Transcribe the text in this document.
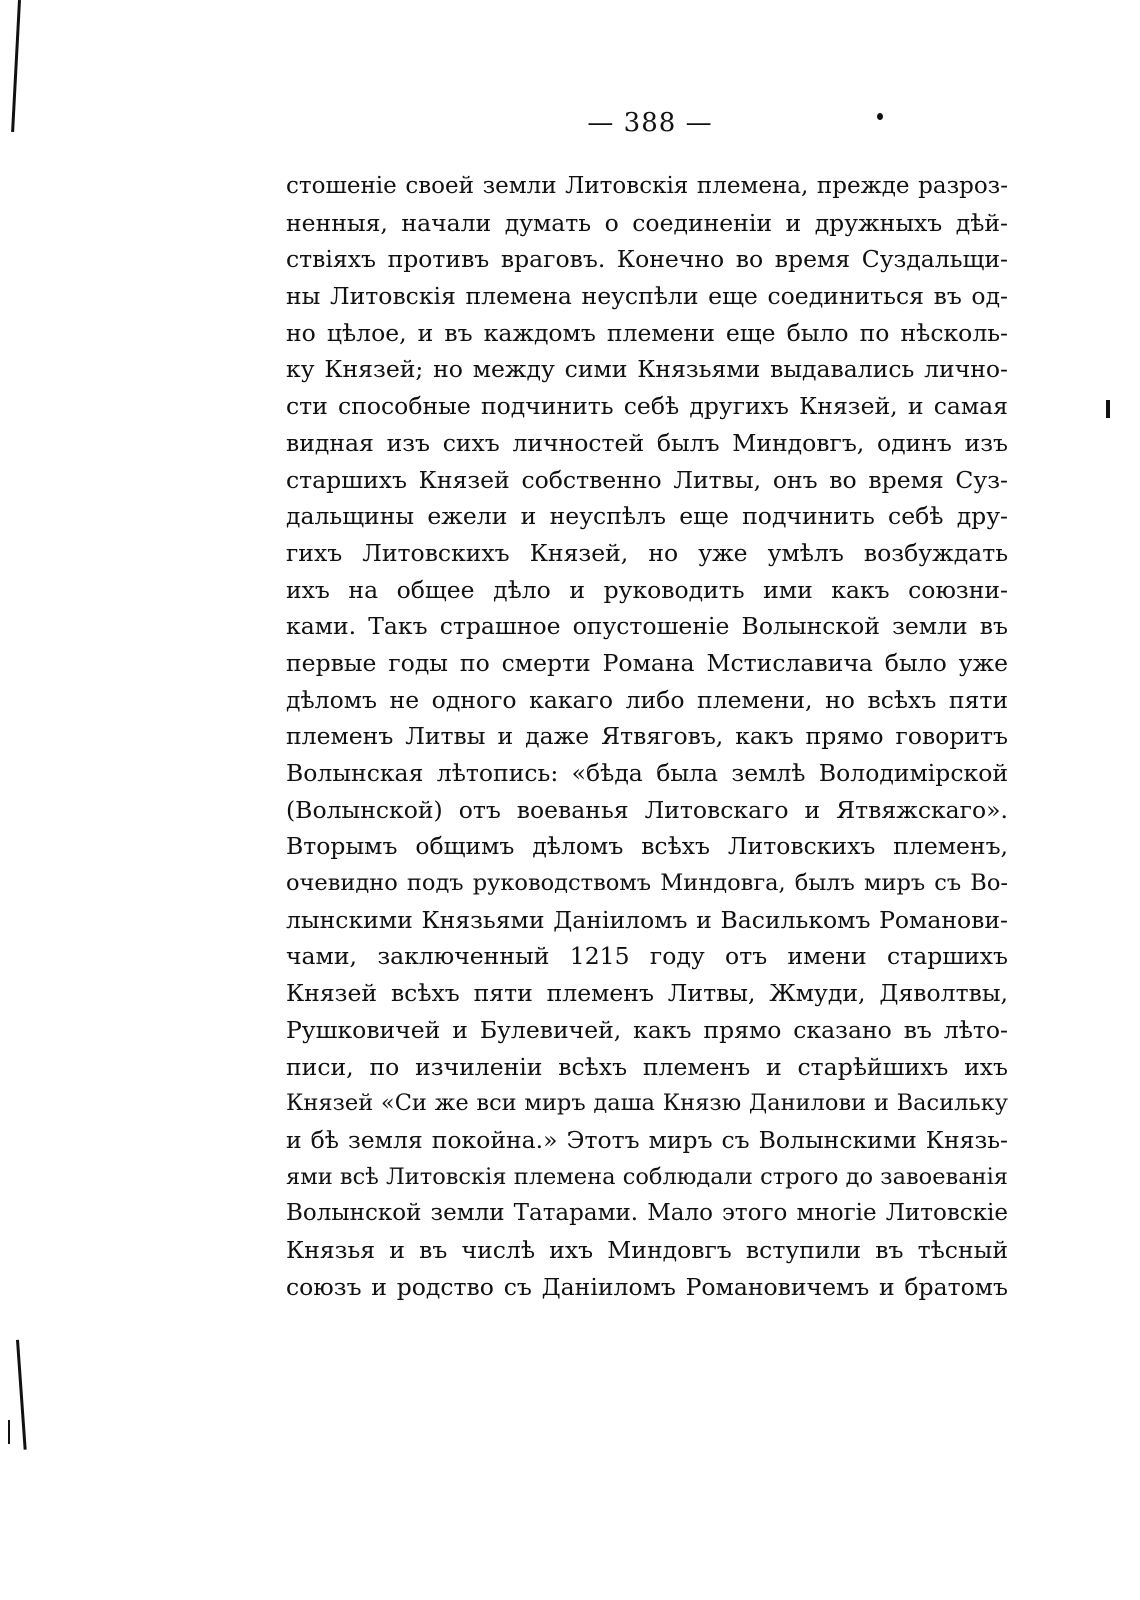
— 388 —
стошеніе своей земли Литовскія племена, прежде разроз-
ненныя, начали думать о соединеніи и дружныхъ дѣй-
ствіяхъ противъ враговъ. Конечно во время Суздальщи-
ны Литовскія племена неуспѣли еще соединиться въ од-
но цѣлое, и въ каждомъ племени еще было по нѣсколь-
ку Князей; но между сими Князьями выдавались лично-
сти способные подчинить себѣ другихъ Князей, и самая
видная изъ сихъ личностей былъ Миндовгъ, одинъ изъ
старшихъ Князей собственно Литвы, онъ во время Суз-
дальщины ежели и неуспѣлъ еще подчинить себѣ дру-
гихъ Литовскихъ Князей, но уже умѣлъ возбуждать
ихъ на общее дѣло и руководить ими какъ союзни-
ками. Такъ страшное опустошеніе Волынской земли въ
первые годы по смерти Романа Мстиславича было уже
дѣломъ не одного какаго либо племени, но всѣхъ пяти
племенъ Литвы и даже Ятвяговъ, какъ прямо говоритъ
Волынская лѣтопись: «бѣда была землѣ Володимірской
(Волынской) отъ воеванья Литовскаго и Ятвяжскаго».
Вторымъ общимъ дѣломъ всѣхъ Литовскихъ племенъ,
очевидно подъ руководствомъ Миндовга, былъ миръ съ Во-
лынскими Князьями Даніиломъ и Василькомъ Романови-
чами, заключенный 1215 году отъ имени старшихъ
Князей всѣхъ пяти племенъ Литвы, Жмуди, Дяволтвы,
Рушковичей и Булевичей, какъ прямо сказано въ лѣто-
писи, по изчиленіи всѣхъ племенъ и старѣйшихъ ихъ
Князей «Си же вси миръ даша Князю Данилови и Васильку
и бѣ земля покойна.» Этотъ миръ съ Волынскими Князь-
ями всѣ Литовскія племена соблюдали строго до завоеванія
Волынской земли Татарами. Мало этого многіе Литовскіе
Князья и въ числѣ ихъ Миндовгъ вступили въ тѣсный
союзъ и родство съ Даніиломъ Романовичемъ и братомъ
